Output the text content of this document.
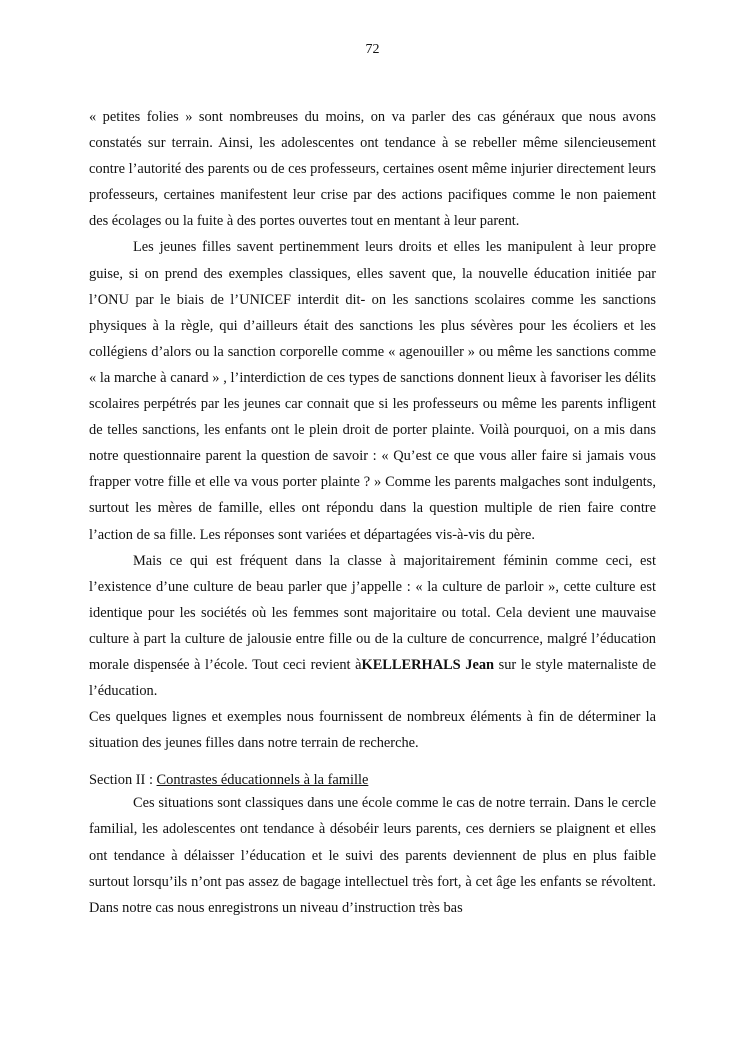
72

« petites folies » sont nombreuses du moins, on va parler des cas généraux que nous avons constatés sur terrain. Ainsi, les adolescentes ont tendance à se rebeller même silencieusement contre l’autorité des parents ou de ces professeurs, certaines osent même injurier directement leurs professeurs, certaines manifestent leur crise par des actions pacifiques comme le non paiement des écolages ou la fuite à des portes ouvertes tout en mentant à leur parent.

Les jeunes filles savent pertinemment leurs droits et elles les manipulent à leur propre guise, si on prend des exemples classiques, elles savent que, la nouvelle éducation initiée par l’ONU par le biais de l’UNICEF interdit dit- on les sanctions scolaires comme les sanctions physiques à la règle, qui d’ailleurs était des sanctions les plus sévères pour les écoliers et les collégiens d’alors ou la sanction corporelle comme « agenouiller » ou même les sanctions comme « la marche à canard » , l’interdiction de ces types de sanctions donnent lieux à favoriser les délits scolaires perpétrés par les jeunes car connait que si les professeurs ou même les parents infligent de telles sanctions, les enfants ont le plein droit de porter plainte. Voilà pourquoi, on a mis dans notre questionnaire parent la question de savoir : « Qu’est ce que vous aller faire si jamais vous frapper votre fille et elle va vous porter plainte ? » Comme les parents malgaches sont indulgents, surtout les mères de famille, elles ont répondu dans la question multiple de rien faire contre l’action de sa fille. Les réponses sont variées et départagées vis-à-vis du père.

Mais ce qui est fréquent dans la classe à majoritairement féminin comme ceci, est l’existence d’une culture de beau parler que j’appelle : « la culture de parloir », cette culture est identique pour les sociétés où les femmes sont majoritaire ou total. Cela devient une mauvaise culture à part la culture de jalousie entre fille ou de la culture de concurrence, malgré l’éducation morale dispensée à l’école. Tout ceci revient àKELLERHALS Jean sur le style maternaliste de l’éducation.

Ces quelques lignes et exemples nous fournissent de nombreux éléments à fin de déterminer la situation des jeunes filles dans notre terrain de recherche.

Section II : Contrastes éducationnels à la famille

Ces situations sont classiques dans une école comme le cas de notre terrain. Dans le cercle familial, les adolescentes ont tendance à désobéir leurs parents, ces derniers se plaignent et elles ont tendance à délaisser l’éducation et le suivi des parents deviennent de plus en plus faible surtout lorsqu’ils n’ont pas assez de bagage intellectuel très fort, à cet âge les enfants se révoltent. Dans notre cas nous enregistrons un niveau d’instruction très bas
